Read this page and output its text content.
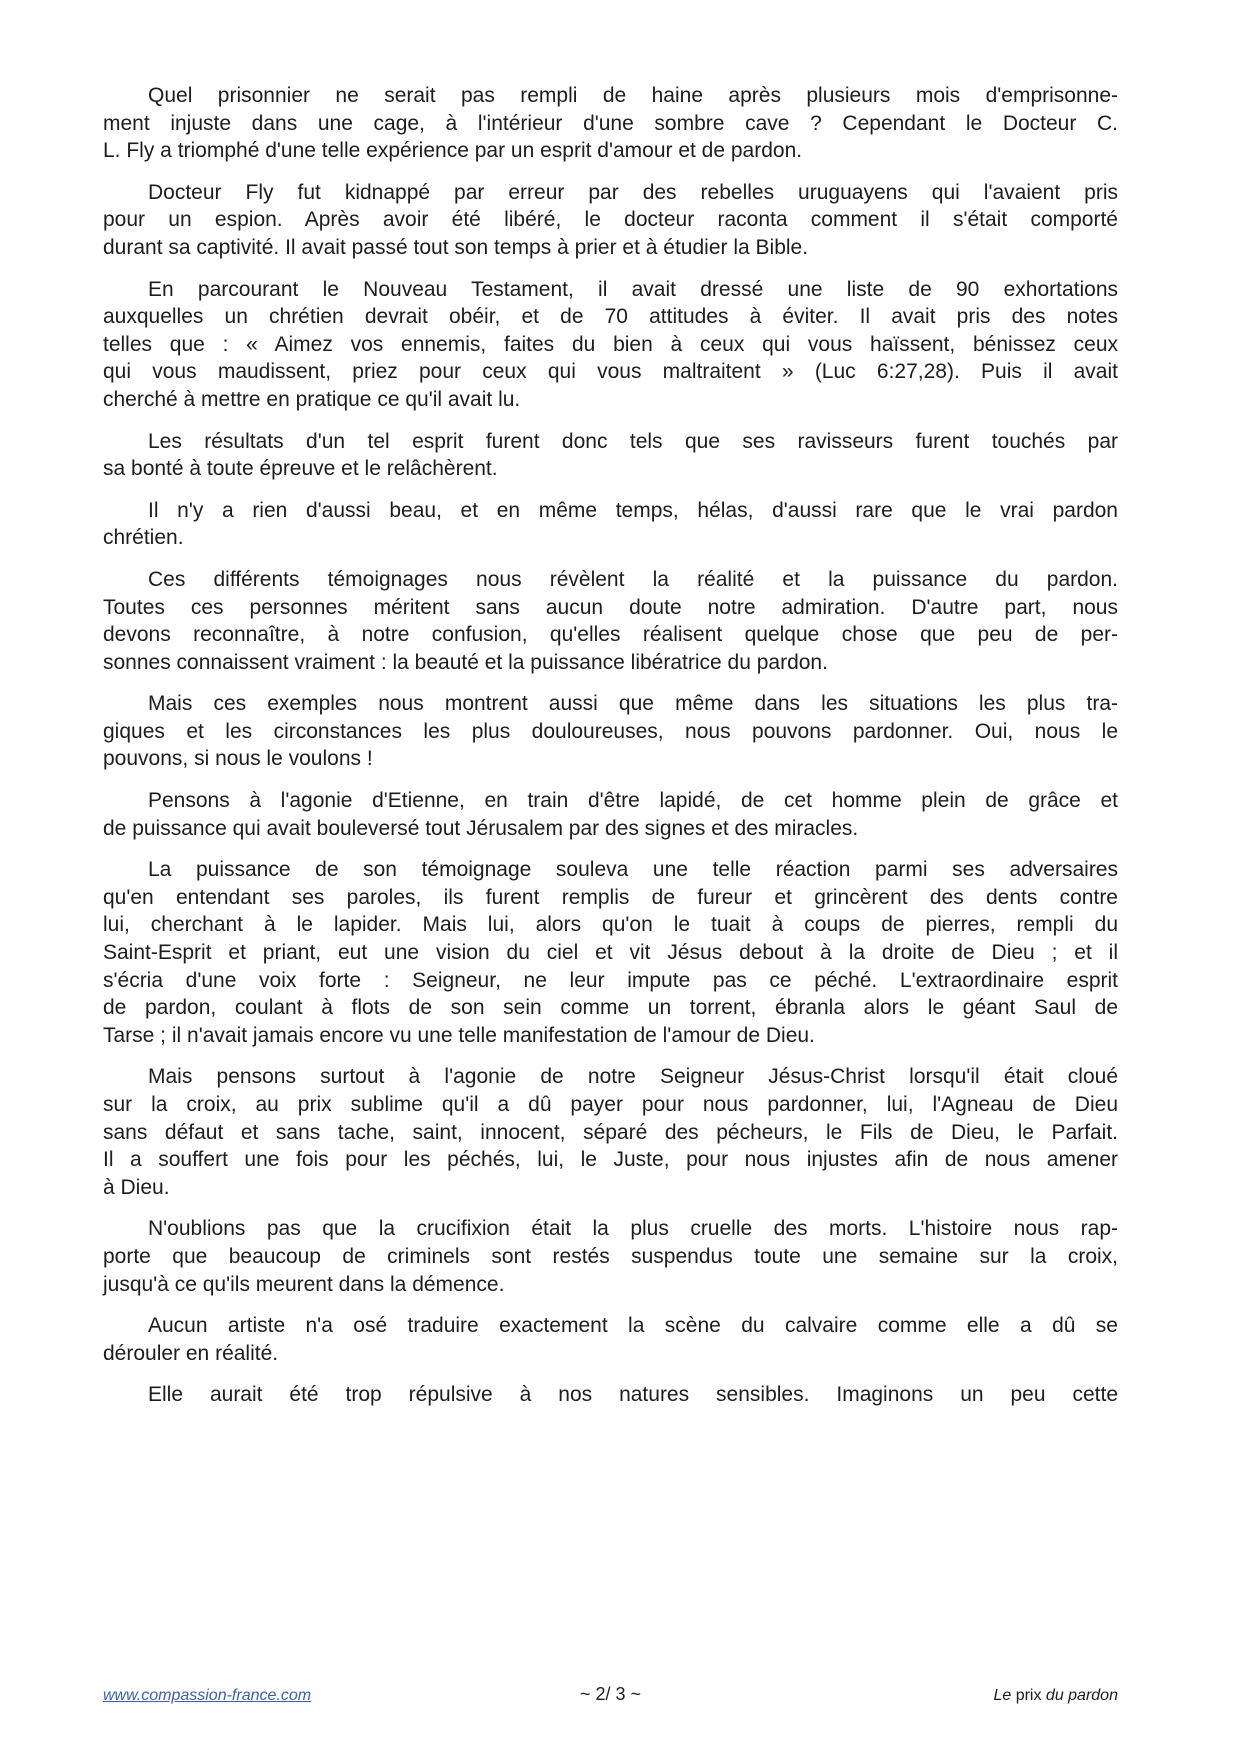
Quel prisonnier ne serait pas rempli de haine après plusieurs mois d'emprisonne-
ment injuste dans une cage, à l'intérieur d'une sombre cave ? Cependant le Docteur C.
L. Fly a triomphé d'une telle expérience par un esprit d'amour et de pardon.
Docteur Fly fut kidnappé par erreur par des rebelles uruguayens qui l'avaient pris
pour un espion. Après avoir été libéré, le docteur raconta comment il s'était comporté
durant sa captivité. Il avait passé tout son temps à prier et à étudier la Bible.
En parcourant le Nouveau Testament, il avait dressé une liste de 90 exhortations
auxquelles un chrétien devrait obéir, et de 70 attitudes à éviter. Il avait pris des notes
telles que : « Aimez vos ennemis, faites du bien à ceux qui vous haïssent, bénissez ceux
qui vous maudissent, priez pour ceux qui vous maltraitent » (Luc 6:27,28). Puis il avait
cherché à mettre en pratique ce qu'il avait lu.
Les résultats d'un tel esprit furent donc tels que ses ravisseurs furent touchés par
sa bonté à toute épreuve et le relâchèrent.
Il n'y a rien d'aussi beau, et en même temps, hélas, d'aussi rare que le vrai pardon
chrétien.
Ces différents témoignages nous révèlent la réalité et la puissance du pardon.
Toutes ces personnes méritent sans aucun doute notre admiration. D'autre part, nous
devons reconnaître, à notre confusion, qu'elles réalisent quelque chose que peu de per-
sonnes connaissent vraiment : la beauté et la puissance libératrice du pardon.
Mais ces exemples nous montrent aussi que même dans les situations les plus tra-
giques et les circonstances les plus douloureuses, nous pouvons pardonner. Oui, nous le
pouvons, si nous le voulons !
Pensons à l'agonie d'Etienne, en train d'être lapidé, de cet homme plein de grâce et
de puissance qui avait bouleversé tout Jérusalem par des signes et des miracles.
La puissance de son témoignage souleva une telle réaction parmi ses adversaires
qu'en entendant ses paroles, ils furent remplis de fureur et grincèrent des dents contre
lui, cherchant à le lapider. Mais lui, alors qu'on le tuait à coups de pierres, rempli du
Saint-Esprit et priant, eut une vision du ciel et vit Jésus debout à la droite de Dieu ; et il
s'écria d'une voix forte : Seigneur, ne leur impute pas ce péché. L'extraordinaire esprit
de pardon, coulant à flots de son sein comme un torrent, ébranla alors le géant Saul de
Tarse ; il n'avait jamais encore vu une telle manifestation de l'amour de Dieu.
Mais pensons surtout à l'agonie de notre Seigneur Jésus-Christ lorsqu'il était cloué
sur la croix, au prix sublime qu'il a dû payer pour nous pardonner, lui, l'Agneau de Dieu
sans défaut et sans tache, saint, innocent, séparé des pécheurs, le Fils de Dieu, le Parfait.
Il a souffert une fois pour les péchés, lui, le Juste, pour nous injustes afin de nous amener
à Dieu.
N'oublions pas que la crucifixion était la plus cruelle des morts. L'histoire nous rap-
porte que beaucoup de criminels sont restés suspendus toute une semaine sur la croix,
jusqu'à ce qu'ils meurent dans la démence.
Aucun artiste n'a osé traduire exactement la scène du calvaire comme elle a dû se
dérouler en réalité.
Elle aurait été trop répulsive à nos natures sensibles. Imaginons un peu cette
www.compassion-france.com	~ 2/ 3 ~	Le prix du pardon
